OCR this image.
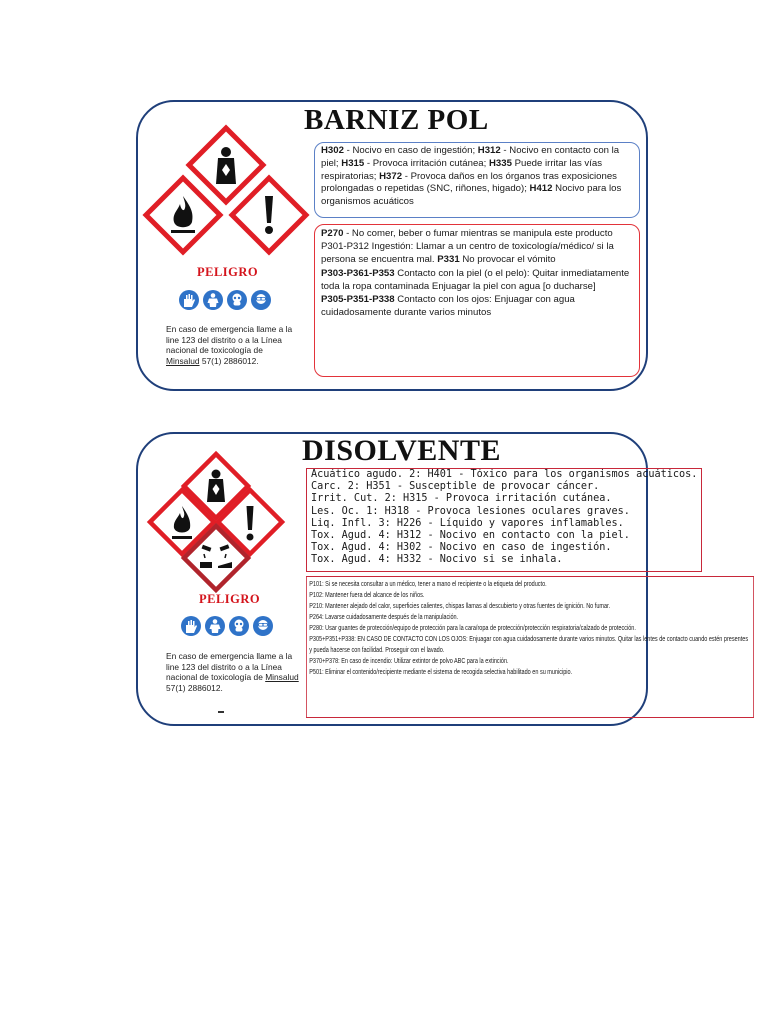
BARNIZ POL
PELIGRO
En caso de emergencia llame a la line 123 del distrito o a la Línea nacional de toxicología de Minsalud 57(1) 2886012.

H302 - Nocivo en caso de ingestión; H312 - Nocivo en contacto con la piel; H315 - Provoca irritación cutánea; H335 Puede irritar las vías respiratorias; H372 - Provoca daños en los órganos tras exposiciones prolongadas o repetidas (SNC, riñones, higado); H412 Nocivo para los organismos acuáticos

P270 - No comer, beber o fumar mientras se manipula este producto

P301-P312 Ingestión: Llamar a un centro de toxicología/médico/ si la persona se encuentra mal. P331 No provocar el vómito

P303-P361-P353 Contacto con la piel (o el pelo): Quitar inmediatamente toda la ropa contaminada Enjuagar la piel con agua [o ducharse]

P305-P351-P338 Contacto con los ojos: Enjuagar con agua cuidadosamente durante varios minutos

DISOLVENTE
PELIGRO
En caso de emergencia llame a la line 123 del distrito o a la Línea nacional de toxicología de Minsalud 57(1) 2886012.
Acuático agudo. 2: H401 - Tóxico para los organismos acuáticos.
Carc. 2: H351 - Susceptible de provocar cáncer.
Irrit. Cut. 2: H315 - Provoca irritación cutánea.
Les. Oc. 1: H318 - Provoca lesiones oculares graves.
Liq. Infl. 3: H226 - Líquido y vapores inflamables.
Tox. Agud. 4: H312 - Nocivo en contacto con la piel.
Tox. Agud. 4: H302 - Nocivo en caso de ingestión.
Tox. Agud. 4: H332 - Nocivo si se inhala.
P101: Si se necesita consultar a un médico, tener a mano el recipiente o la etiqueta del producto.
P102: Mantener fuera del alcance de los niños.
P210: Mantener alejado del calor, superficies calientes, chispas llamas al descubierto y otras fuentes de ignición. No fumar.
P264: Lavarse cuidadosamente después de la manipulación.
P280: Usar guantes de protección/equipo de protección para la cara/ropa de protección/protección respiratoria/calzado de protección.
P305+P351+P338: EN CASO DE CONTACTO CON LOS OJOS: Enjuagar con agua cuidadosamente durante varios minutos. Quitar las lentes de contacto cuando estén presentes y pueda hacerse con facilidad. Proseguir con el lavado.
P370+P378: En caso de incendio: Utilizar extintor de polvo ABC para la extinción.
P501: Eliminar el contenido/recipiente mediante el sistema de recogida selectiva habilitado en su municipio.
